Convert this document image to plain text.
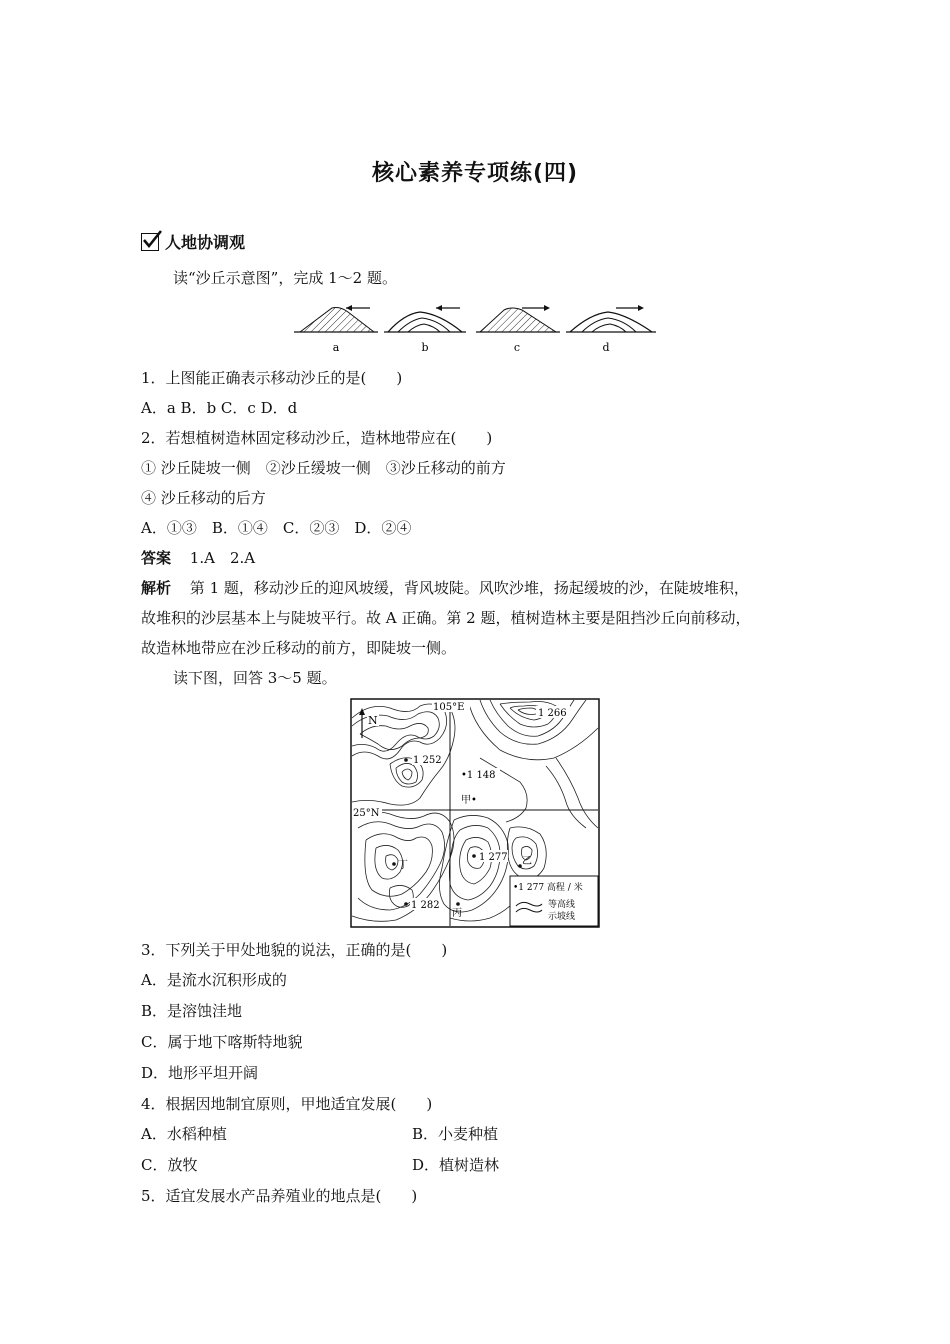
核心素养专项练(四)
人地协调观
读“沙丘示意图”，完成 1～2 题。
a	b	c	d
1．上图能正确表示移动沙丘的是(　　)
A．a B．b C．c D．d
2．若想植树造林固定移动沙丘，造林地带应在(　　)
① 沙丘陡坡一侧　②沙丘缓坡一侧　③沙丘移动的前方
④ 沙丘移动的后方
A．①③　B．①④　C．②③　D．②④
答案 1.A　2.A
解析 第 1 题，移动沙丘的迎风坡缓，背风坡陡。风吹沙堆，扬起缓坡的沙，在陡坡堆积，
故堆积的沙层基本上与陡坡平行。故 A 正确。第 2 题，植树造林主要是阻挡沙丘向前移动，
故造林地带应在沙丘移动的前方，即陡坡一侧。
读下图，回答 3～5 题。
N
105°E
25°N
1 266
1 252
•1 148
甲•
1 277 乙
丁
1 282
丙
•1 277 高程 / 米
等高线
示坡线
3．下列关于甲处地貌的说法，正确的是(　　)
A．是流水沉积形成的
B．是溶蚀洼地
C．属于地下喀斯特地貌
D．地形平坦开阔
4．根据因地制宜原则，甲地适宜发展(　　)
A．水稻种植	B．小麦种植
C．放牧	D．植树造林
5．适宜发展水产品养殖业的地点是(　　)
